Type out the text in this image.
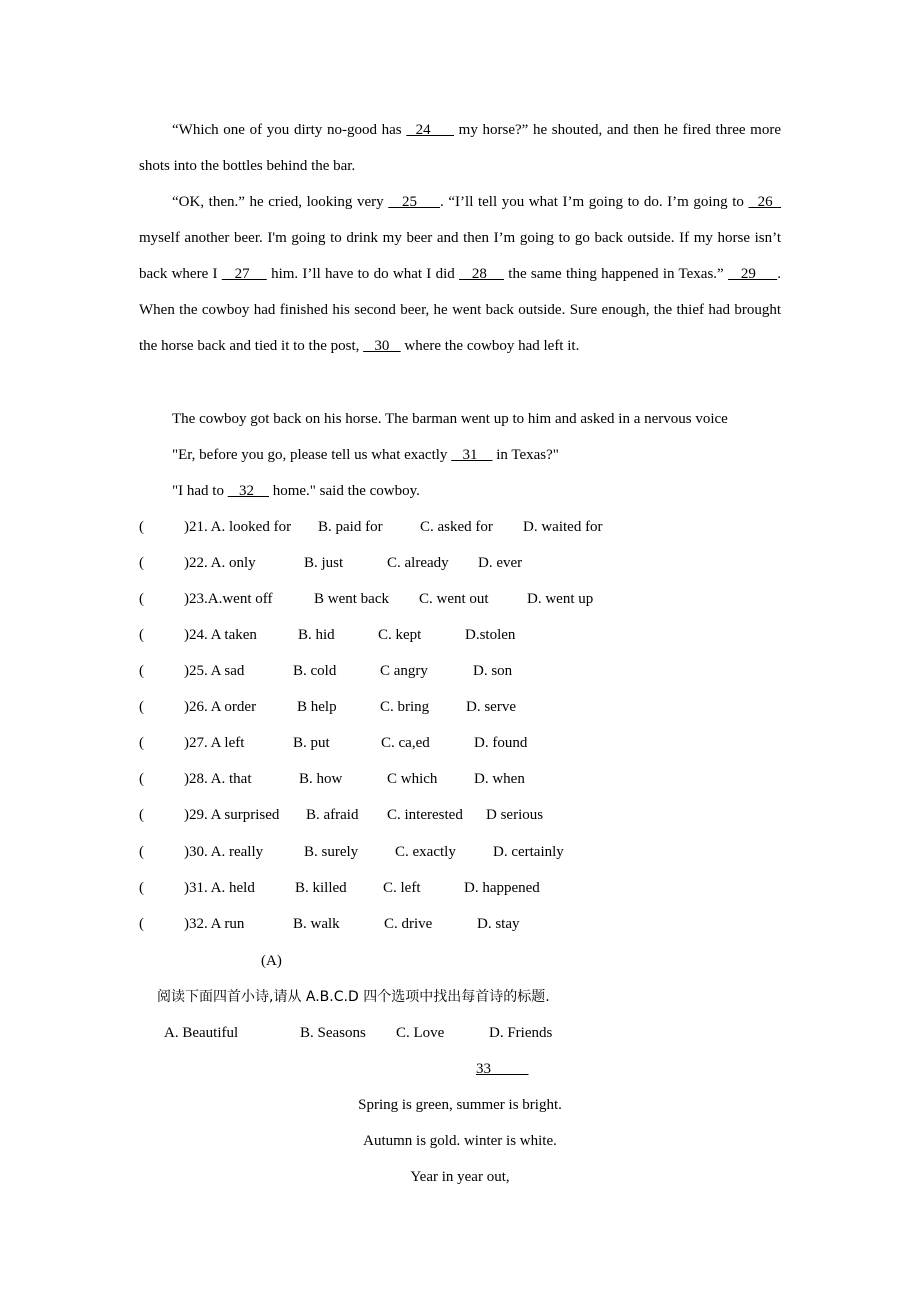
“Which one of you dirty no-good has   24      my horse?” he shouted, and then he fired three more shots into the bottles behind the bar.

“OK, then.” he cried, looking very    25     . “I’ll tell you what I’m going to do. I’m going to   26   myself another beer. I'm going to drink my beer and then I’m going to go back outside. If my horse isn’t back where I    27     him. I’ll have to do what I did    28     the same thing happened in Texas.”    29     . When the cowboy had finished his second beer, he went back outside. Sure enough, the thief had brought the horse back and tied it to the post,    30    where the cowboy had left it.

The cowboy got back on his horse. The barman went up to him and asked in a nervous voice

"Er, before you go, please tell us what exactly    31     in Texas?"

"I had to    32     home." said the cowboy.

(	)21. A. looked for B. paid for C. asked for D. waited for
(	)22. A. only	B. just	C. already D. ever
(	)23.A.went off	B went back C. went out	D. went up
(	)24. A taken	B. hid	C. kept	D.stolen
(	)25. A sad	B. cold	C angry	D. son
(	)26. A order	B help	C. bring D. serve
(	)27. A left	B. put	C. ca,ed	D. found
(	)28. A. that	B. how	C which D. when
(	)29. A surprised B. afraid C. interested D serious
(	)30. A. really	B. surely C. exactly D. certainly
(	)31. A. held	B. killed C. left	D. happened
(	)32. A run	B. walk	C. drive	D. stay
(A)
阅读下面四首小诗,请从 A.B.C.D 四个选项中找出每首诗的标题.
A. Beautiful	B. Seasons C. Love	D. Friends
33
Spring is green, summer is bright.
Autumn is gold. winter is white.
Year in year out,
